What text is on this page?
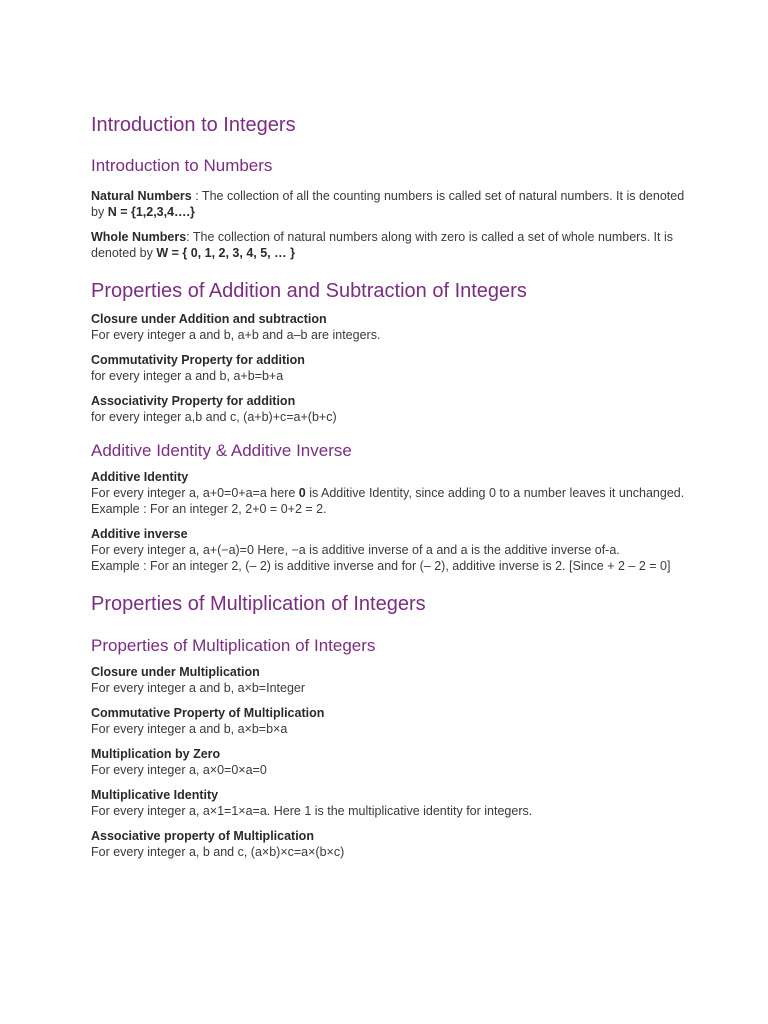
Introduction to Integers
Introduction to Numbers

Natural Numbers : The collection of all the counting numbers is called set of natural numbers. It is denoted by N = {1,2,3,4….}

Whole Numbers: The collection of natural numbers along with zero is called a set of whole numbers. It is denoted by W = { 0, 1, 2, 3, 4, 5, … }

Properties of Addition and Subtraction of Integers

Closure under Addition and subtraction

For every integer a and b, a+b and a–b are integers.

Commutativity Property for addition

for every integer a and b, a+b=b+a

Associativity Property for addition

for every integer a,b and c, (a+b)+c=a+(b+c)

Additive Identity & Additive Inverse

Additive Identity

For every integer a, a+0=0+a=a here 0 is Additive Identity, since adding 0 to a number leaves it unchanged.

Example : For an integer 2, 2+0 = 0+2 = 2.

Additive inverse

For every integer a, a+(−a)=0 Here, −a is additive inverse of a and a is the additive inverse of-a.

Example : For an integer 2, (– 2) is additive inverse and for (– 2), additive inverse is 2. [Since + 2 – 2 = 0]

Properties of Multiplication of Integers
Properties of Multiplication of Integers

Closure under Multiplication

For every integer a and b, a×b=Integer

Commutative Property of Multiplication

For every integer a and b, a×b=b×a

Multiplication by Zero

For every integer a, a×0=0×a=0

Multiplicative Identity

For every integer a, a×1=1×a=a. Here 1 is the multiplicative identity for integers.

Associative property of Multiplication

For every integer a, b and c, (a×b)×c=a×(b×c)
